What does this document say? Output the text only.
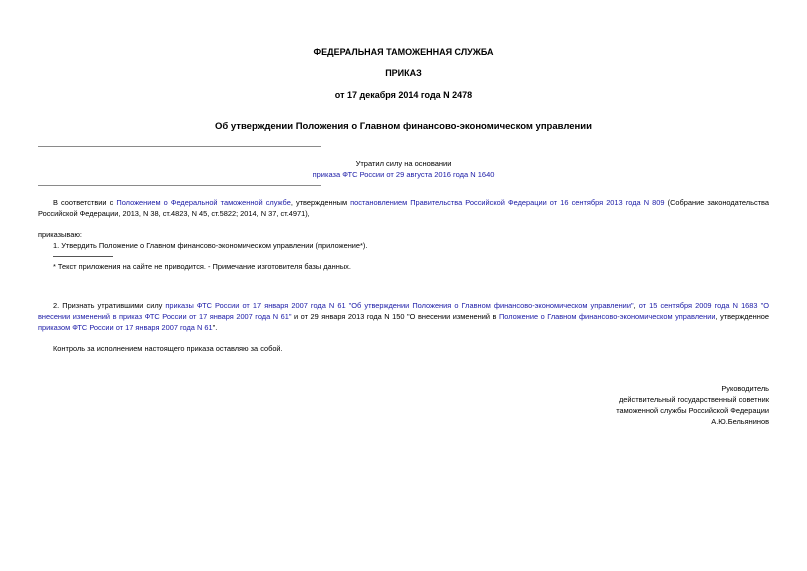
ФЕДЕРАЛЬНАЯ ТАМОЖЕННАЯ СЛУЖБА
ПРИКАЗ
от 17 декабря 2014 года N 2478
Об утверждении Положения о Главном финансово-экономическом управлении
Утратил силу на основании
приказа ФТС России от 29 августа 2016 года N 1640
В соответствии с Положением о Федеральной таможенной службе, утвержденным постановлением Правительства Российской Федерации от 16 сентября 2013 года N 809 (Собрание законодательства Российской Федерации, 2013, N 38, ст.4823, N 45, ст.5822; 2014, N 37, ст.4971),
приказываю:
1. Утвердить Положение о Главном финансово-экономическом управлении (приложение*).
* Текст приложения на сайте не приводится. - Примечание изготовителя базы данных.
2. Признать утратившими силу приказы ФТС России от 17 января 2007 года N 61 "Об утверждении Положения о Главном финансово-экономическом управлении", от 15 сентября 2009 года N 1683 "О внесении изменений в приказ ФТС России от 17 января 2007 года N 61" и от 29 января 2013 года N 150 "О внесении изменений в Положение о Главном финансово-экономическом управлении, утвержденное приказом ФТС России от 17 января 2007 года N 61".
Контроль за исполнением настоящего приказа оставляю за собой.
Руководитель
действительный государственный советник
таможенной службы Российской Федерации
А.Ю.Бельянинов
